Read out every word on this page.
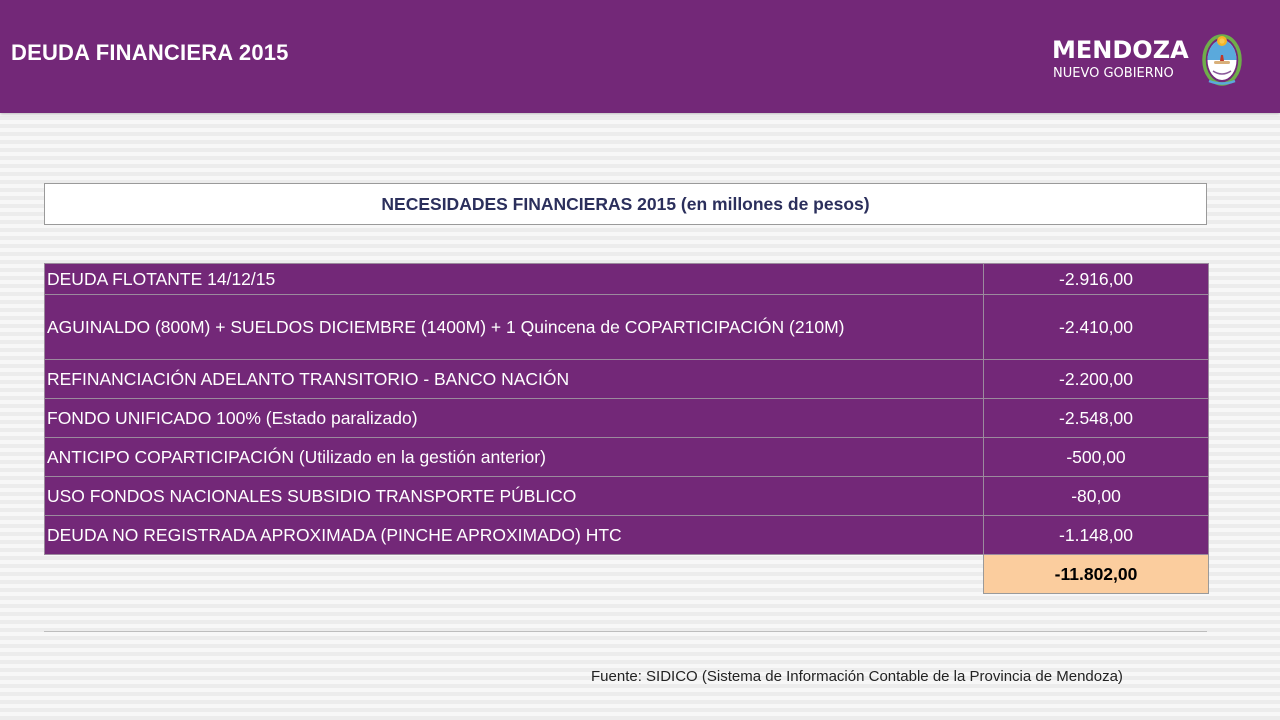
DEUDA FINANCIERA 2015	MENDOZA
NUEVO GOBIERNO
NECESIDADES FINANCIERAS 2015 (en millones de pesos)
DEUDA FLOTANTE 14/12/15	-2.916,00
AGUINALDO (800M) + SUELDOS DICIEMBRE (1400M) + 1 Quincena de COPARTICIPACIÓN (210M)	-2.410,00
REFINANCIACIÓN ADELANTO TRANSITORIO - BANCO NACIÓN	-2.200,00
FONDO UNIFICADO 100% (Estado paralizado)	-2.548,00
ANTICIPO COPARTICIPACIÓN (Utilizado en la gestión anterior)	-500,00
USO FONDOS NACIONALES SUBSIDIO TRANSPORTE PÚBLICO	-80,00
DEUDA NO REGISTRADA APROXIMADA (PINCHE APROXIMADO) HTC	-1.148,00
	-11.802,00
Fuente: SIDICO (Sistema de Información Contable de la Provincia de Mendoza)
